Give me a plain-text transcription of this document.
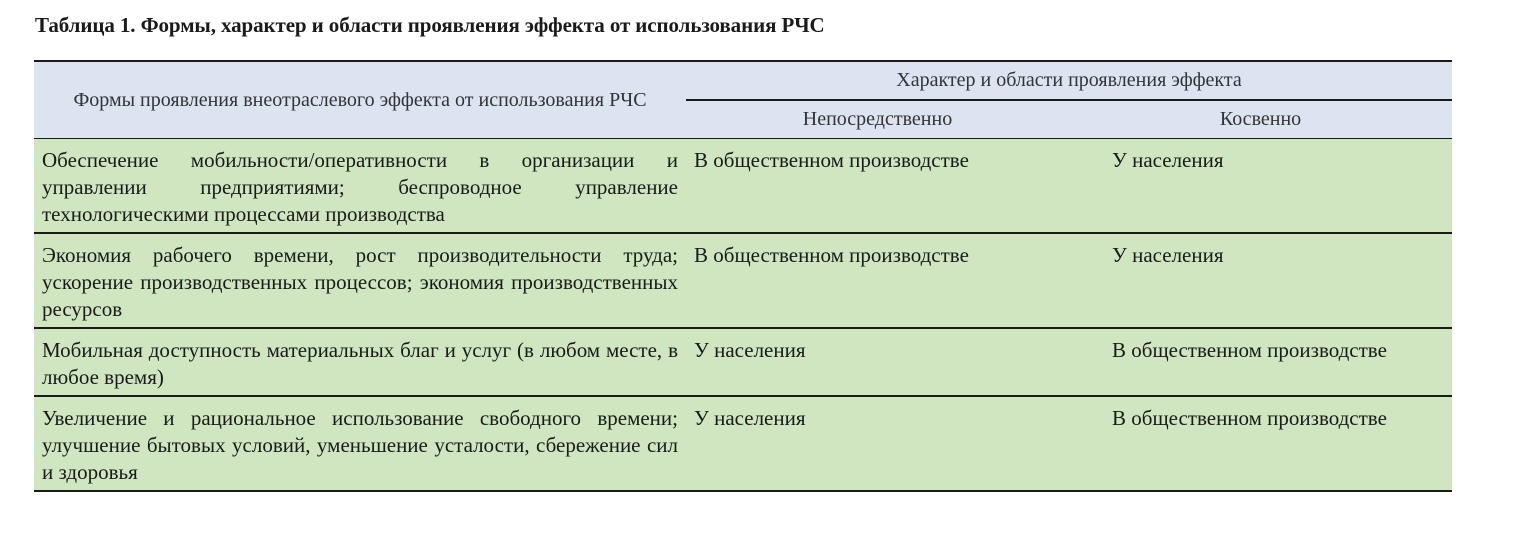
Таблица 1. Формы, характер и области проявления эффекта от использования РЧС
Формы проявления внеотраслевого эффекта от использования РЧС	Характер и области проявления эффекта	
	Непосредственно	Косвенно
Обеспечение мобильности/оперативности в организации и управлении предприятиями; беспроводное управление технологическими процессами производства	В общественном производстве	У населения
Экономия рабочего времени, рост производительности труда; ускорение производственных процессов; экономия производственных ресурсов	В общественном производстве	У населения
Мобильная доступность материальных благ и услуг (в любом месте, в любое время)	У населения	В общественном производстве
Увеличение и рациональное использование свободного времени; улучшение бытовых условий, уменьшение усталости, сбережение сил и здоровья	У населения	В общественном производстве
